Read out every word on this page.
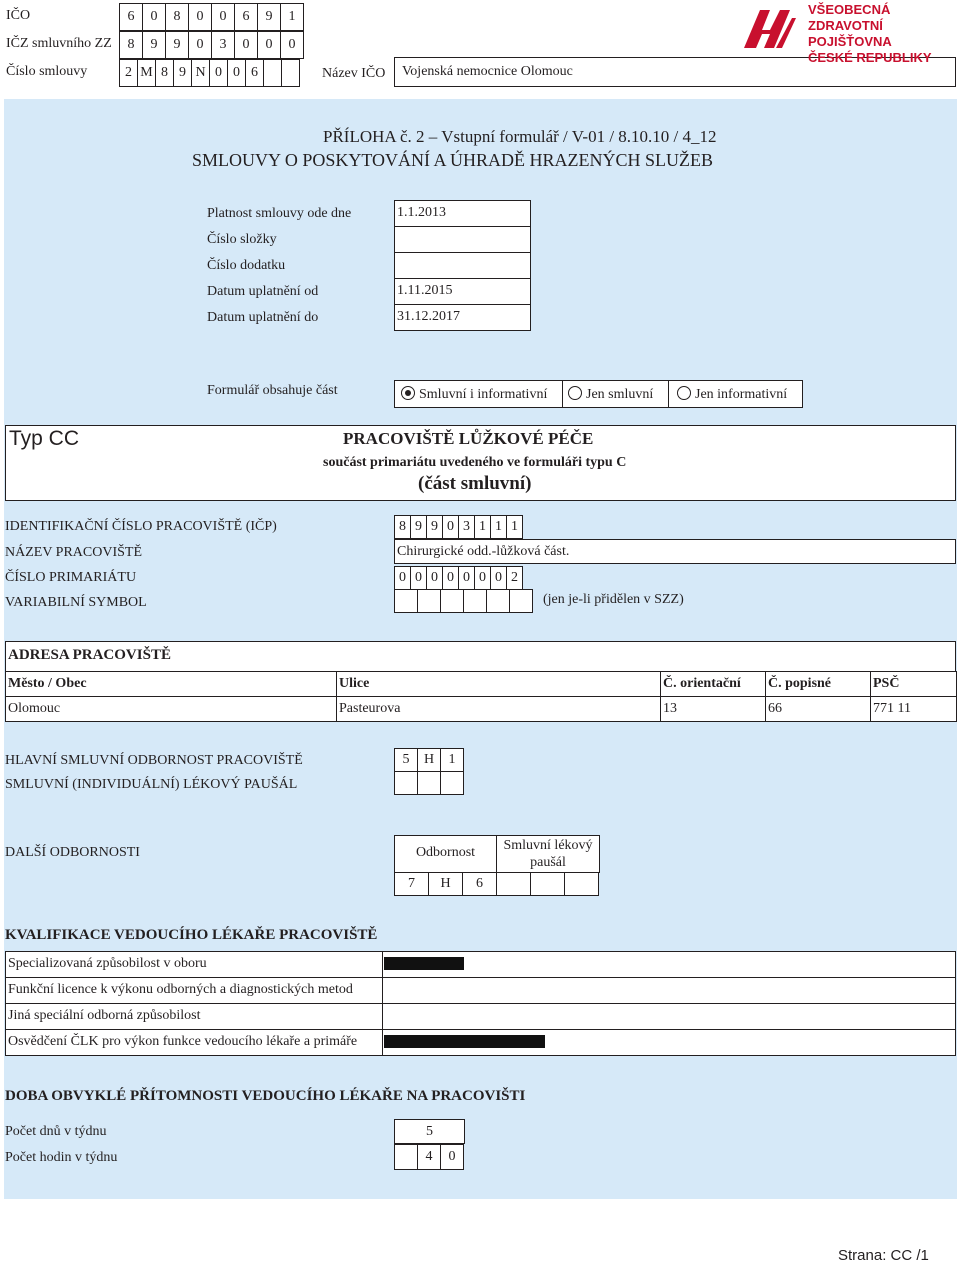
IČO	6	0	8	0	0	6	9	1
IČZ smluvního ZZ	8	9	9	0	3	0	0	0
Číslo smlouvy	2 M 8 9 N 0 0 6	Název IČO	Vojenská nemocnice Olomouc
VŠEOBECNÁ
ZDRAVOTNÍ POJIŠŤOVNA
ČESKÉ REPUBLIKY
PŘÍLOHA č. 2 – Vstupní formulář / V-01 / 8.10.10 / 4_12
SMLOUVY O POSKYTOVÁNÍ A ÚHRADĚ HRAZENÝCH SLUŽEB
Platnost smlouvy ode dne	1.1.2013
Číslo složky
Číslo dodatku
Datum uplatnění od	1.11.2015
Datum uplatnění do	31.12.2017
Formulář obsahuje část	Smluvní i informativní	Jen smluvní	Jen informativní
Typ CC	PRACOVIŠTĚ LŮŽKOVÉ PÉČE
součást primariátu uvedeného ve formuláři typu C
(část smluvní)
IDENTIFIKAČNÍ ČÍSLO PRACOVIŠTĚ (IČP)	8 9 9 0 3 1 1 1
NÁZEV PRACOVIŠTĚ	Chirurgické odd.-lůžková část.
ČÍSLO PRIMARIÁTU	0 0 0 0 0 0 0 2
VARIABILNÍ SYMBOL	(jen je-li přidělen v SZZ)
ADRESA PRACOVIŠTĚ
Město / Obec	Ulice	Č. orientační	Č. popisné	PSČ
Olomouc	Pasteurova	13	66	771 11
HLAVNÍ SMLUVNÍ ODBORNOST PRACOVIŠTĚ	5	H	1
SMLUVNÍ (INDIVIDUÁLNÍ) LÉKOVÝ PAUŠÁL
DALŠÍ ODBORNOSTI	Odbornost	Smluvní lékový paušál
7	H	6
KVALIFIKACE VEDOUCÍHO LÉKAŘE PRACOVIŠTĚ
Specializovaná způsobilost v oboru
Funkční licence k výkonu odborných a diagnostických metod
Jiná speciální odborná způsobilost
Osvědčení ČLK pro výkon funkce vedoucího lékaře a primáře
DOBA OBVYKLÉ PŘÍTOMNOSTI VEDOUCÍHO LÉKAŘE NA PRACOVIŠTI
Počet dnů v týdnu	5
Počet hodin v týdnu	4	0
Strana: CC /1
